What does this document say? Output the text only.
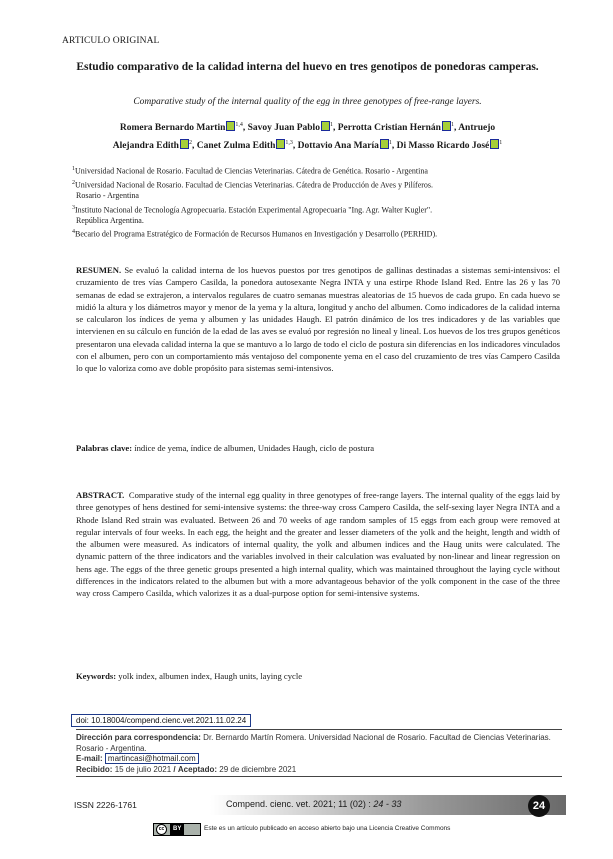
ARTICULO ORIGINAL
Estudio comparativo de la calidad interna del huevo en tres genotipos de ponedoras camperas.
Comparative study of the internal quality of the egg in three genotypes of free-range layers.
Romera Bernardo Martin $^{1,4}$, Savoy Juan Pablo $^1$, Perrotta Cristian Hernán $^1$, Antruejo
Alejandra Edith $^2$, Canet Zulma Edith $^{1,3}$, Dottavio Ana María $^1$, Di Masso Ricardo José $^1$
$^1$Universidad Nacional de Rosario. Facultad de Ciencias Veterinarias. Cátedra de Genética. Rosario - Argentina
$^2$Universidad Nacional de Rosario. Facultad de Ciencias Veterinarias. Cátedra de Producción de Aves y Pilíferos.
Rosario - Argentina
$^3$Instituto Nacional de Tecnología Agropecuaria. Estación Experimental Agropecuaria "Ing. Agr. Walter Kugler".
República Argentina.
$^4$Becario del Programa Estratégico de Formación de Recursos Humanos en Investigación y Desarrollo (PERHID).
RESUMEN. Se evaluó la calidad interna de los huevos puestos por tres genotipos de gallinas destinadas a sistemas semi-intensivos: el cruzamiento de tres vías Campero Casilda, la ponedora autosexante Negra INTA y una estirpe Rhode Island Red. Entre las 26 y las 70 semanas de edad se extrajeron, a intervalos regulares de cuatro semanas muestras aleatorias de 15 huevos de cada grupo. En cada huevo se midió la altura y los diámetros mayor y menor de la yema y la altura, longitud y ancho del albumen. Como indicadores de la calidad interna se calcularon los índices de yema y albumen y las unidades Haugh. El patrón dinámico de los tres indicadores y de las variables que intervienen en su cálculo en función de la edad de las aves se evaluó por regresión no lineal y lineal. Los huevos de los tres grupos genéticos presentaron una elevada calidad interna la que se mantuvo a lo largo de todo el ciclo de postura sin diferencias en los indicadores vinculados con el albumen, pero con un comportamiento más ventajoso del componente yema en el caso del cruzamiento de tres vías Campero Casilda lo que lo valoriza como ave doble propósito para sistemas semi-intensivos.
Palabras clave: índice de yema, índice de albumen, Unidades Haugh, ciclo de postura
ABSTRACT. Comparative study of the internal egg quality in three genotypes of free-range layers. The internal quality of the eggs laid by three genotypes of hens destined for semi-intensive systems: the three-way cross Campero Casilda, the self-sexing layer Negra INTA and a Rhode Island Red strain was evaluated. Between 26 and 70 weeks of age random samples of 15 eggs from each group were removed at regular intervals of four weeks. In each egg, the height and the greater and lesser diameters of the yolk and the height, length and width of the albumen were measured. As indicators of internal quality, the yolk and albumen indices and the Haug units were calculated. The dynamic pattern of the three indicators and the variables involved in their calculation was evaluated by non-linear and linear regression on hens age. The eggs of the three genetic groups presented a high internal quality, which was maintained throughout the laying cycle without differences in the indicators related to the albumen but with a more advantageous behavior of the yolk component in the case of the three way cross Campero Casilda, which valorizes it as a dual-purpose option for semi-intensive systems.
Keywords: yolk index, albumen index, Haugh units, laying cycle
doi: 10.18004/compend.cienc.vet.2021.11.02.24
Dirección para correspondencia: Dr. Bernardo Martín Romera. Universidad Nacional de Rosario. Facultad de Ciencias Veterinarias. Rosario - Argentina.
E-mail: martincasi@hotmail.com
Recibido: 15 de julio 2021 / Aceptado: 29 de diciembre 2021
ISSN 2226-1761	Compend. cienc. vet. 2021; 11 (02) : 24 - 33	24
cc BY	Este es un artículo publicado en acceso abierto bajo una Licencia Creative Commons
